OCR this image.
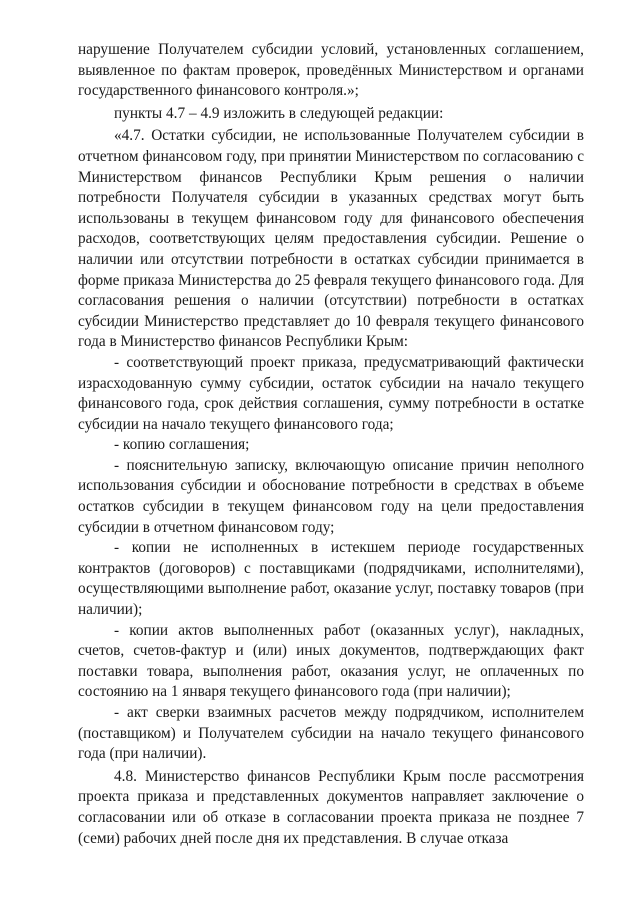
нарушение Получателем субсидии условий, установленных соглашением, выявленное по фактам проверок, проведённых Министерством и органами государственного финансового контроля.»;

пункты 4.7 – 4.9 изложить в следующей редакции:

«4.7. Остатки субсидии, не использованные Получателем субсидии в отчетном финансовом году, при принятии Министерством по согласованию с Министерством финансов Республики Крым решения о наличии потребности Получателя субсидии в указанных средствах могут быть использованы в текущем финансовом году для финансового обеспечения расходов, соответствующих целям предоставления субсидии. Решение о наличии или отсутствии потребности в остатках субсидии принимается в форме приказа Министерства до 25 февраля текущего финансового года. Для согласования решения о наличии (отсутствии) потребности в остатках субсидии Министерство представляет до 10 февраля текущего финансового года в Министерство финансов Республики Крым:

- соответствующий проект приказа, предусматривающий фактически израсходованную сумму субсидии, остаток субсидии на начало текущего финансового года, срок действия соглашения, сумму потребности в остатке субсидии на начало текущего финансового года;

- копию соглашения;

- пояснительную записку, включающую описание причин неполного использования субсидии и обоснование потребности в средствах в объеме остатков субсидии в текущем финансовом году на цели предоставления субсидии в отчетном финансовом году;

- копии не исполненных в истекшем периоде государственных контрактов (договоров) с поставщиками (подрядчиками, исполнителями), осуществляющими выполнение работ, оказание услуг, поставку товаров (при наличии);

- копии актов выполненных работ (оказанных услуг), накладных, счетов, счетов-фактур и (или) иных документов, подтверждающих факт поставки товара, выполнения работ, оказания услуг, не оплаченных по состоянию на 1 января текущего финансового года (при наличии);

- акт сверки взаимных расчетов между подрядчиком, исполнителем (поставщиком) и Получателем субсидии на начало текущего финансового года (при наличии).

4.8. Министерство финансов Республики Крым после рассмотрения проекта приказа и представленных документов направляет заключение о согласовании или об отказе в согласовании проекта приказа не позднее 7 (семи) рабочих дней после дня их представления. В случае отказа
